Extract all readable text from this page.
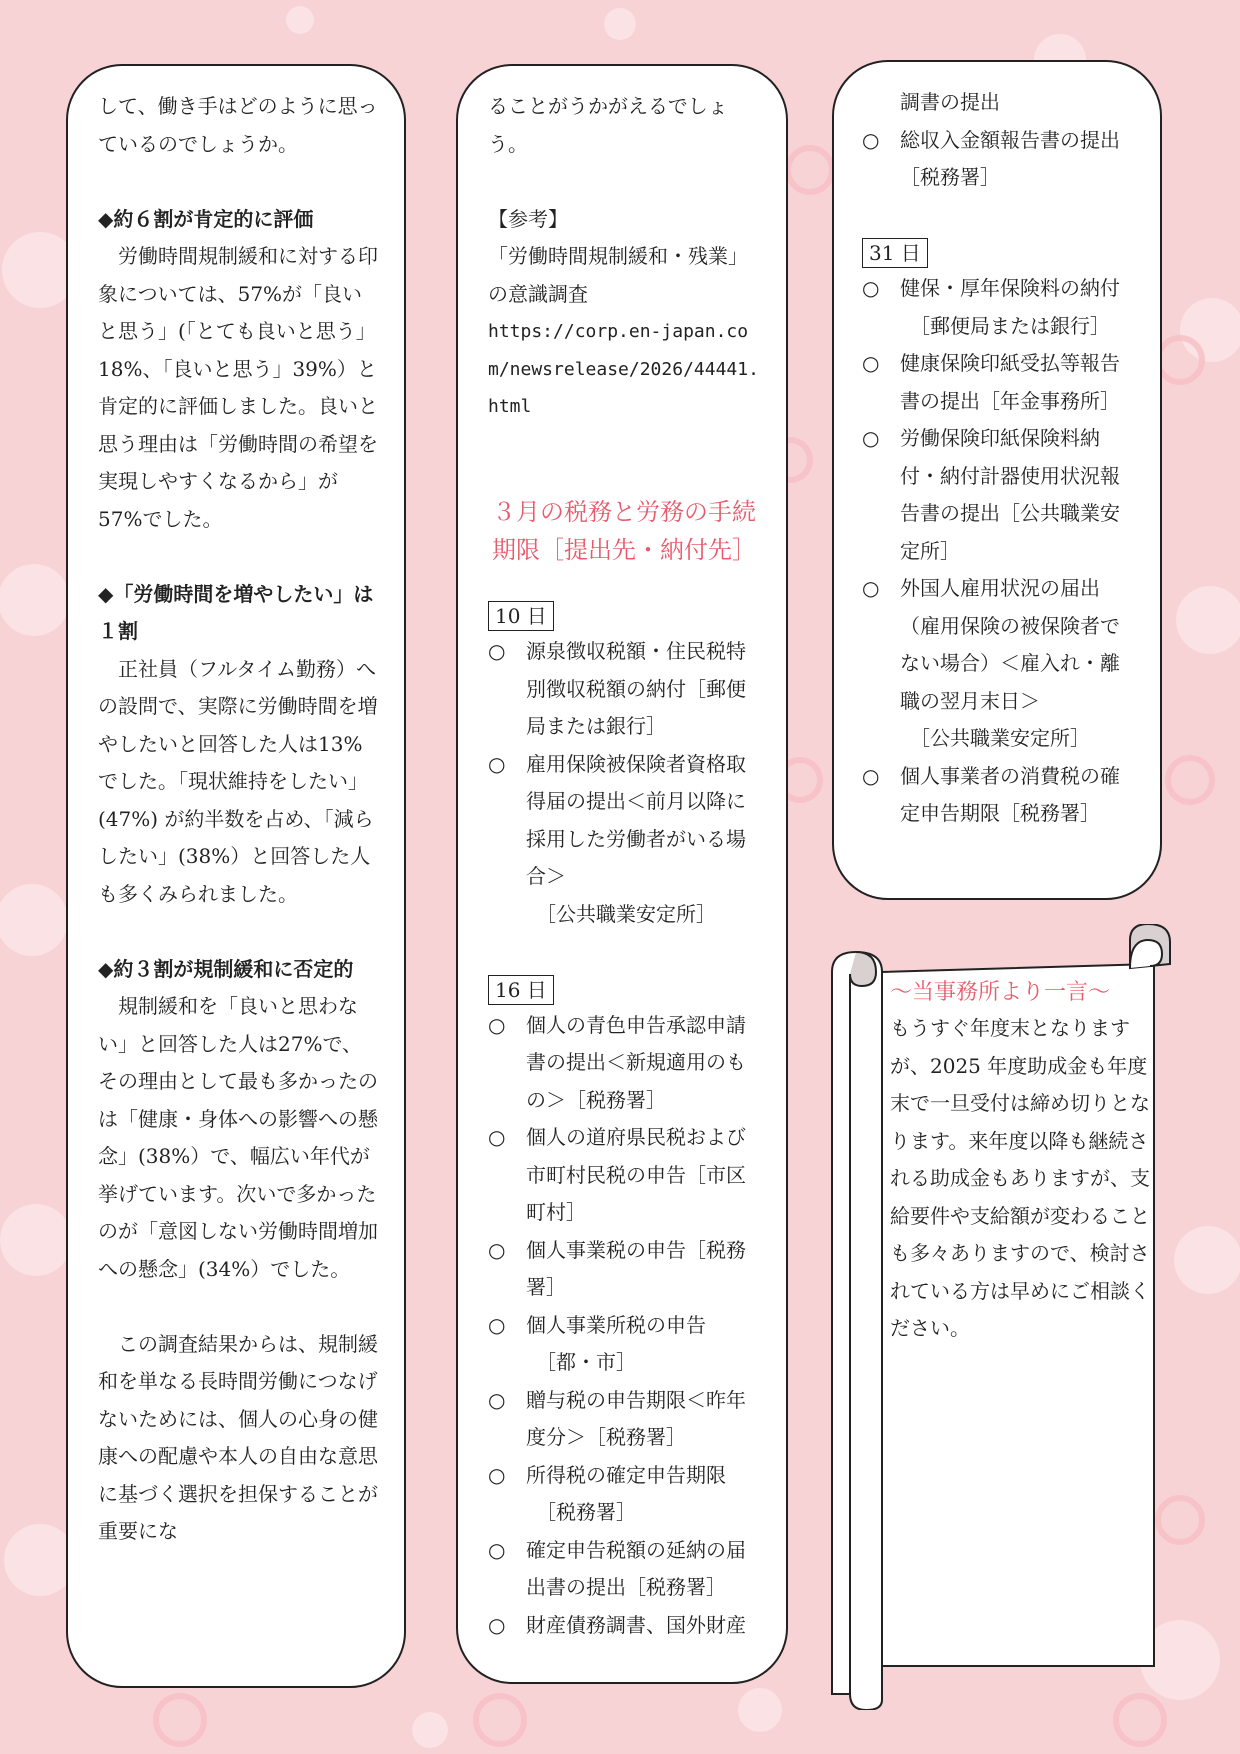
して、働き手はどのように思っているのでしょうか。

◆約６割が肯定的に評価

労働時間規制緩和に対する印象については、57%が「良いと思う」(「とても良いと思う」18%、「良いと思う」39%）と肯定的に評価しました。良いと思う理由は「労働時間の希望を実現しやすくなるから」が57%でした。

◆「労働時間を増やしたい」は１割

正社員（フルタイム勤務）への設問で、実際に労働時間を増やしたいと回答した人は13%でした。「現状維持をしたい」(47%) が約半数を占め、「減らしたい」(38%）と回答した人も多くみられました。

◆約３割が規制緩和に否定的

規制緩和を「良いと思わない」と回答した人は27%で、その理由として最も多かったのは「健康・身体への影響への懸念」(38%）で、幅広い年代が挙げています。次いで多かったのが「意図しない労働時間増加への懸念」(34%）でした。

この調査結果からは、規制緩和を単なる長時間労働につなげないためには、個人の心身の健康への配慮や本人の自由な意思に基づく選択を担保することが重要にな

ることがうかがえるでしょう。

【参考】

「労働時間規制緩和・残業」の意識調査

https://corp.en-japan.com/newsrelease/2026/44441.html

３月の税務と労務の手続期限［提出先・納付先］

10 日
○	源泉徴収税額・住民税特別徴収税額の納付［郵便局または銀行］
○	雇用保険被保険者資格取得届の提出＜前月以降に採用した労働者がいる場合＞

［公共職業安定所］

16 日
○	個人の青色申告承認申請書の提出＜新規適用のもの＞［税務署］
○	個人の道府県民税および市町村民税の申告［市区町村］
○	個人事業税の申告［税務署］
○	個人事業所税の申告

［都・市］

○	贈与税の申告期限＜昨年度分＞［税務署］
○	所得税の確定申告期限

［税務署］

○	確定申告税額の延納の届出書の提出［税務署］
○	財産債務調書、国外財産

調書の提出

○	総収入金額報告書の提出［税務署］
31 日
○	健保・厚年保険料の納付

［郵便局または銀行］

○	健康保険印紙受払等報告書の提出［年金事務所］
○	労働保険印紙保険料納付・納付計器使用状況報告書の提出［公共職業安定所］
○	外国人雇用状況の届出（雇用保険の被保険者でない場合）＜雇入れ・離職の翌月末日＞

［公共職業安定所］

○	個人事業者の消費税の確定申告期限［税務署］

～当事務所より一言～

もうすぐ年度末となりますが、2025 年度助成金も年度末で一旦受付は締め切りとなります。来年度以降も継続される助成金もありますが、支給要件や支給額が変わることも多々ありますので、検討されている方は早めにご相談ください。
